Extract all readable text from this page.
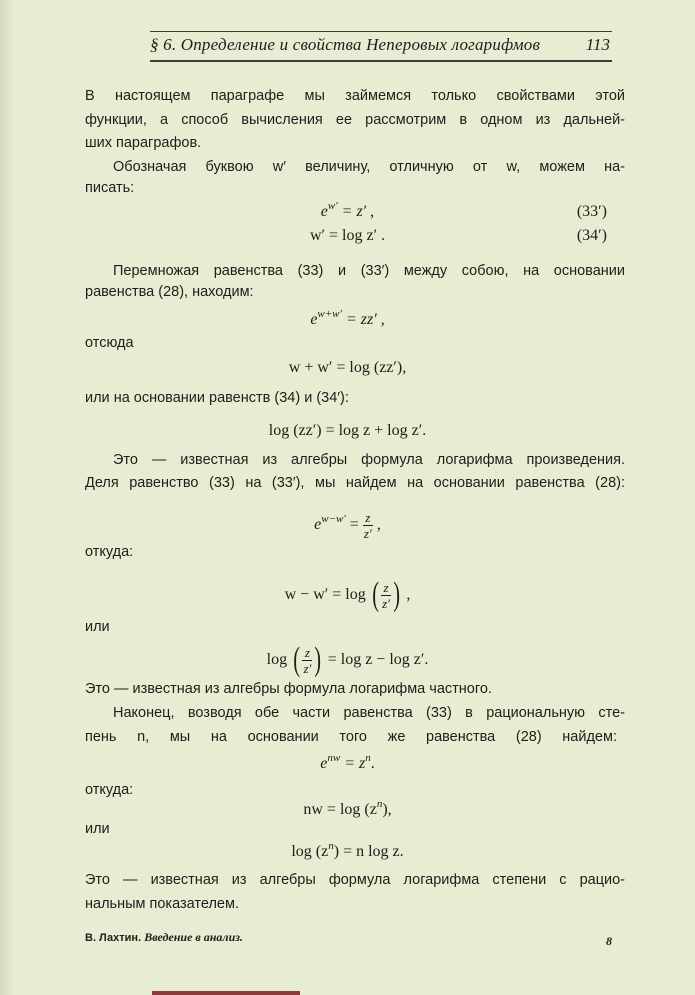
§ 6. Определение и свойства Неперовых логарифмов	113
В настоящем параграфе мы займемся только свойствами этой
функции, а способ вычисления ее рассмотрим в одном из дальней-
ших параграфов.
Обозначая буквою w′ величину, отличную от w, можем на-
писать:
$e^{w'} = z'$ ,	(33′)
w′ = log z′ .	(34′)
Перемножая равенства (33) и (33′) между собою, на основании
равенства (28), находим:
$e^{w+w'} = zz'$ ,
отсюда
w + w′ = log (zz′),
или на основании равенств (34) и (34′):
log (zz′) = log z + log z′.
Это — известная из алгебры формула логарифма произведения.
Деля равенство (33) на (33′), мы найдем на основании равенства (28):
$e^{w-w'} = \frac{z}{z'}$ ,
откуда:
w − w′ = log ( $\frac{z}{z'}$ ) ,
или
log ( $\frac{z}{z'}$ ) = log z − log z′.
Это — известная из алгебры формула логарифма частного.
Наконец, возводя обе части равенства (33) в рациональную сте-
пень n, мы на основании того же равенства (28) найдем:
$e^{nw} = z^n$.
откуда:
nw = $\log (z^n)$,
или
$\log (z^n) = n$ log z.
Это — известная из алгебры формула логарифма степени с рацио-
нальным показателем.
В. Лахтин. Введение в анализ.	8
